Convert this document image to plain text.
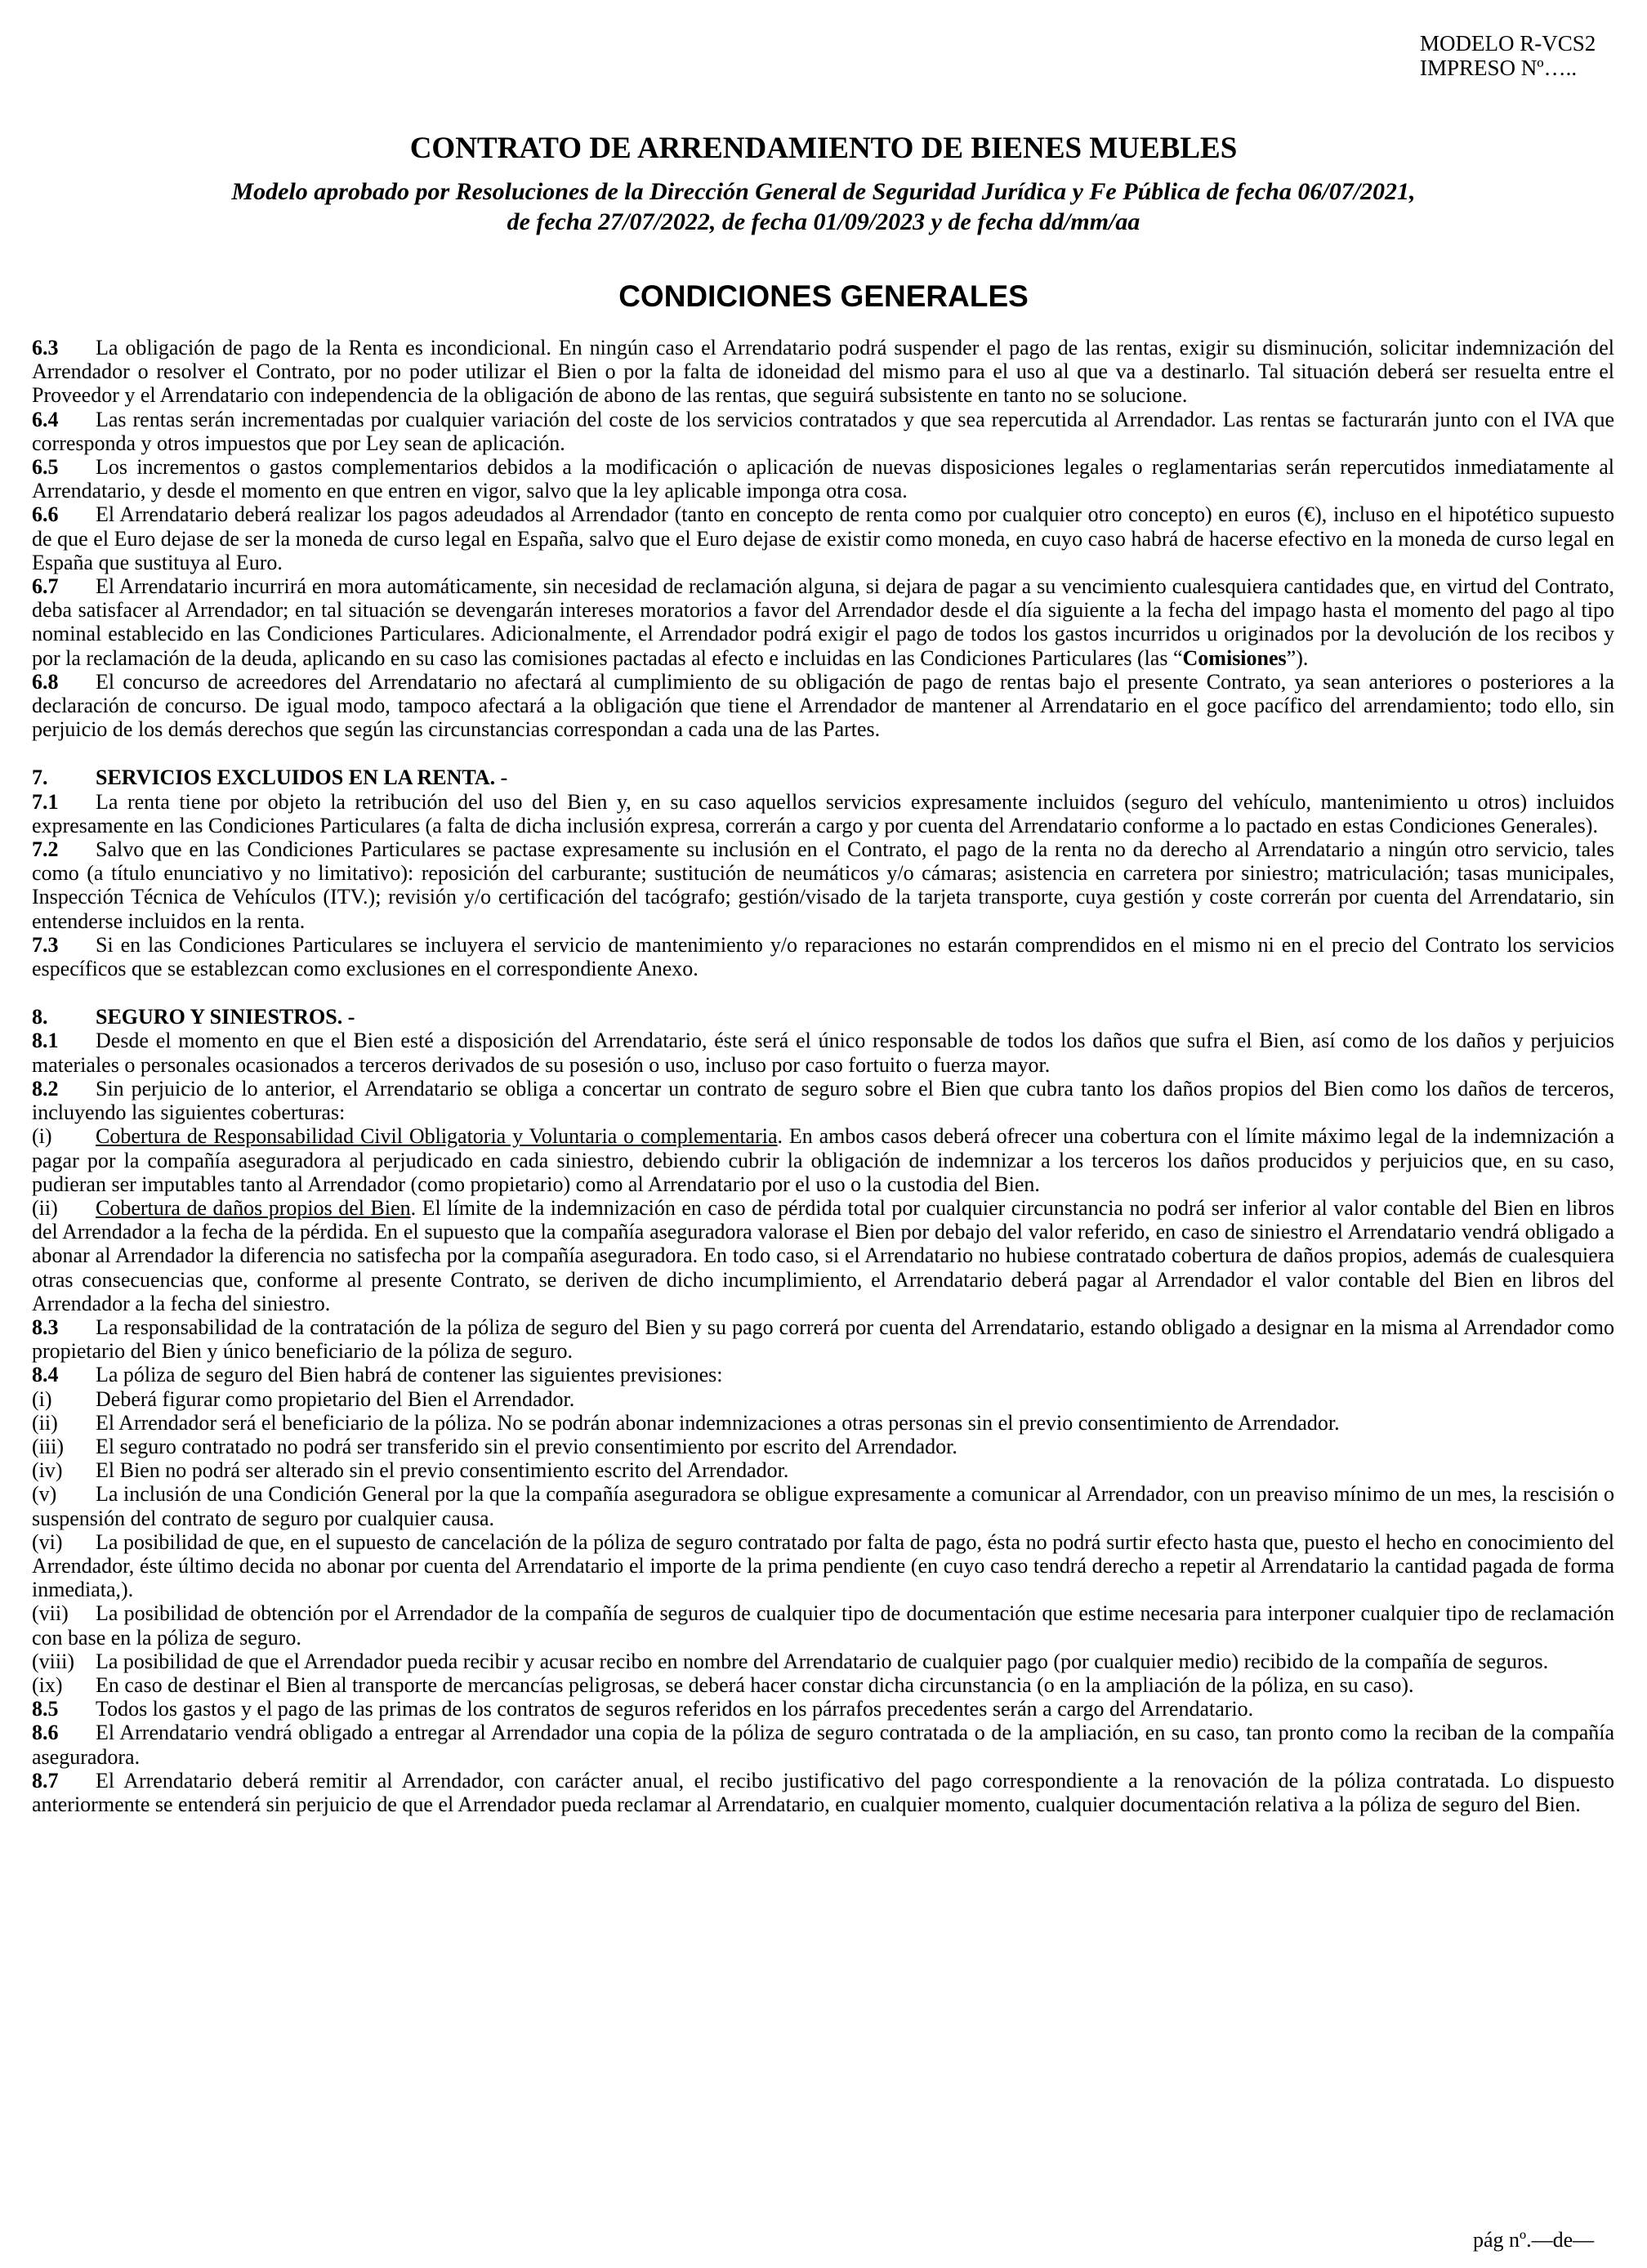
MODELO R-VCS2
IMPRESO Nº…..
CONTRATO DE ARRENDAMIENTO DE BIENES MUEBLES
Modelo aprobado por Resoluciones de la Dirección General de Seguridad Jurídica y Fe Pública de fecha 06/07/2021,
de fecha 27/07/2022, de fecha 01/09/2023 y de fecha dd/mm/aa
CONDICIONES GENERALES

6.3 La obligación de pago de la Renta es incondicional. En ningún caso el Arrendatario podrá suspender el pago de las rentas, exigir su disminución, solicitar indemnización del Arrendador o resolver el Contrato, por no poder utilizar el Bien o por la falta de idoneidad del mismo para el uso al que va a destinarlo. Tal situación deberá ser resuelta entre el Proveedor y el Arrendatario con independencia de la obligación de abono de las rentas, que seguirá subsistente en tanto no se solucione.

6.4 Las rentas serán incrementadas por cualquier variación del coste de los servicios contratados y que sea repercutida al Arrendador. Las rentas se facturarán junto con el IVA que corresponda y otros impuestos que por Ley sean de aplicación.

6.5 Los incrementos o gastos complementarios debidos a la modificación o aplicación de nuevas disposiciones legales o reglamentarias serán repercutidos inmediatamente al Arrendatario, y desde el momento en que entren en vigor, salvo que la ley aplicable imponga otra cosa.

6.6 El Arrendatario deberá realizar los pagos adeudados al Arrendador (tanto en concepto de renta como por cualquier otro concepto) en euros (€), incluso en el hipotético supuesto de que el Euro dejase de ser la moneda de curso legal en España, salvo que el Euro dejase de existir como moneda, en cuyo caso habrá de hacerse efectivo en la moneda de curso legal en España que sustituya al Euro.

6.7 El Arrendatario incurrirá en mora automáticamente, sin necesidad de reclamación alguna, si dejara de pagar a su vencimiento cualesquiera cantidades que, en virtud del Contrato, deba satisfacer al Arrendador; en tal situación se devengarán intereses moratorios a favor del Arrendador desde el día siguiente a la fecha del impago hasta el momento del pago al tipo nominal establecido en las Condiciones Particulares. Adicionalmente, el Arrendador podrá exigir el pago de todos los gastos incurridos u originados por la devolución de los recibos y por la reclamación de la deuda, aplicando en su caso las comisiones pactadas al efecto e incluidas en las Condiciones Particulares (las “Comisiones”).

6.8 El concurso de acreedores del Arrendatario no afectará al cumplimiento de su obligación de pago de rentas bajo el presente Contrato, ya sean anteriores o posteriores a la declaración de concurso. De igual modo, tampoco afectará a la obligación que tiene el Arrendador de mantener al Arrendatario en el goce pacífico del arrendamiento; todo ello, sin perjuicio de los demás derechos que según las circunstancias correspondan a cada una de las Partes.

7. SERVICIOS EXCLUIDOS EN LA RENTA. -

7.1 La renta tiene por objeto la retribución del uso del Bien y, en su caso aquellos servicios expresamente incluidos (seguro del vehículo, mantenimiento u otros) incluidos expresamente en las Condiciones Particulares (a falta de dicha inclusión expresa, correrán a cargo y por cuenta del Arrendatario conforme a lo pactado en estas Condiciones Generales).

7.2 Salvo que en las Condiciones Particulares se pactase expresamente su inclusión en el Contrato, el pago de la renta no da derecho al Arrendatario a ningún otro servicio, tales como (a título enunciativo y no limitativo): reposición del carburante; sustitución de neumáticos y/o cámaras; asistencia en carretera por siniestro; matriculación; tasas municipales, Inspección Técnica de Vehículos (ITV.); revisión y/o certificación del tacógrafo; gestión/visado de la tarjeta transporte, cuya gestión y coste correrán por cuenta del Arrendatario, sin entenderse incluidos en la renta.

7.3 Si en las Condiciones Particulares se incluyera el servicio de mantenimiento y/o reparaciones no estarán comprendidos en el mismo ni en el precio del Contrato los servicios específicos que se establezcan como exclusiones en el correspondiente Anexo.

8. SEGURO Y SINIESTROS. -

8.1 Desde el momento en que el Bien esté a disposición del Arrendatario, éste será el único responsable de todos los daños que sufra el Bien, así como de los daños y perjuicios materiales o personales ocasionados a terceros derivados de su posesión o uso, incluso por caso fortuito o fuerza mayor.

8.2 Sin perjuicio de lo anterior, el Arrendatario se obliga a concertar un contrato de seguro sobre el Bien que cubra tanto los daños propios del Bien como los daños de terceros, incluyendo las siguientes coberturas:

(i) Cobertura de Responsabilidad Civil Obligatoria y Voluntaria o complementaria. En ambos casos deberá ofrecer una cobertura con el límite máximo legal de la indemnización a pagar por la compañía aseguradora al perjudicado en cada siniestro, debiendo cubrir la obligación de indemnizar a los terceros los daños producidos y perjuicios que, en su caso, pudieran ser imputables tanto al Arrendador (como propietario) como al Arrendatario por el uso o la custodia del Bien.

(ii) Cobertura de daños propios del Bien. El límite de la indemnización en caso de pérdida total por cualquier circunstancia no podrá ser inferior al valor contable del Bien en libros del Arrendador a la fecha de la pérdida. En el supuesto que la compañía aseguradora valorase el Bien por debajo del valor referido, en caso de siniestro el Arrendatario vendrá obligado a abonar al Arrendador la diferencia no satisfecha por la compañía aseguradora. En todo caso, si el Arrendatario no hubiese contratado cobertura de daños propios, además de cualesquiera otras consecuencias que, conforme al presente Contrato, se deriven de dicho incumplimiento, el Arrendatario deberá pagar al Arrendador el valor contable del Bien en libros del Arrendador a la fecha del siniestro.

8.3 La responsabilidad de la contratación de la póliza de seguro del Bien y su pago correrá por cuenta del Arrendatario, estando obligado a designar en la misma al Arrendador como propietario del Bien y único beneficiario de la póliza de seguro.

8.4 La póliza de seguro del Bien habrá de contener las siguientes previsiones:

(i) Deberá figurar como propietario del Bien el Arrendador.

(ii) El Arrendador será el beneficiario de la póliza. No se podrán abonar indemnizaciones a otras personas sin el previo consentimiento de Arrendador.

(iii) El seguro contratado no podrá ser transferido sin el previo consentimiento por escrito del Arrendador.

(iv) El Bien no podrá ser alterado sin el previo consentimiento escrito del Arrendador.

(v) La inclusión de una Condición General por la que la compañía aseguradora se obligue expresamente a comunicar al Arrendador, con un preaviso mínimo de un mes, la rescisión o suspensión del contrato de seguro por cualquier causa.

(vi) La posibilidad de que, en el supuesto de cancelación de la póliza de seguro contratado por falta de pago, ésta no podrá surtir efecto hasta que, puesto el hecho en conocimiento del Arrendador, éste último decida no abonar por cuenta del Arrendatario el importe de la prima pendiente (en cuyo caso tendrá derecho a repetir al Arrendatario la cantidad pagada de forma inmediata,).

(vii) La posibilidad de obtención por el Arrendador de la compañía de seguros de cualquier tipo de documentación que estime necesaria para interponer cualquier tipo de reclamación con base en la póliza de seguro.

(viii) La posibilidad de que el Arrendador pueda recibir y acusar recibo en nombre del Arrendatario de cualquier pago (por cualquier medio) recibido de la compañía de seguros.

(ix) En caso de destinar el Bien al transporte de mercancías peligrosas, se deberá hacer constar dicha circunstancia (o en la ampliación de la póliza, en su caso).

8.5 Todos los gastos y el pago de las primas de los contratos de seguros referidos en los párrafos precedentes serán a cargo del Arrendatario.

8.6 El Arrendatario vendrá obligado a entregar al Arrendador una copia de la póliza de seguro contratada o de la ampliación, en su caso, tan pronto como la reciban de la compañía aseguradora.

8.7 El Arrendatario deberá remitir al Arrendador, con carácter anual, el recibo justificativo del pago correspondiente a la renovación de la póliza contratada. Lo dispuesto anteriormente se entenderá sin perjuicio de que el Arrendador pueda reclamar al Arrendatario, en cualquier momento, cualquier documentación relativa a la póliza de seguro del Bien.

pág nº.—de—
